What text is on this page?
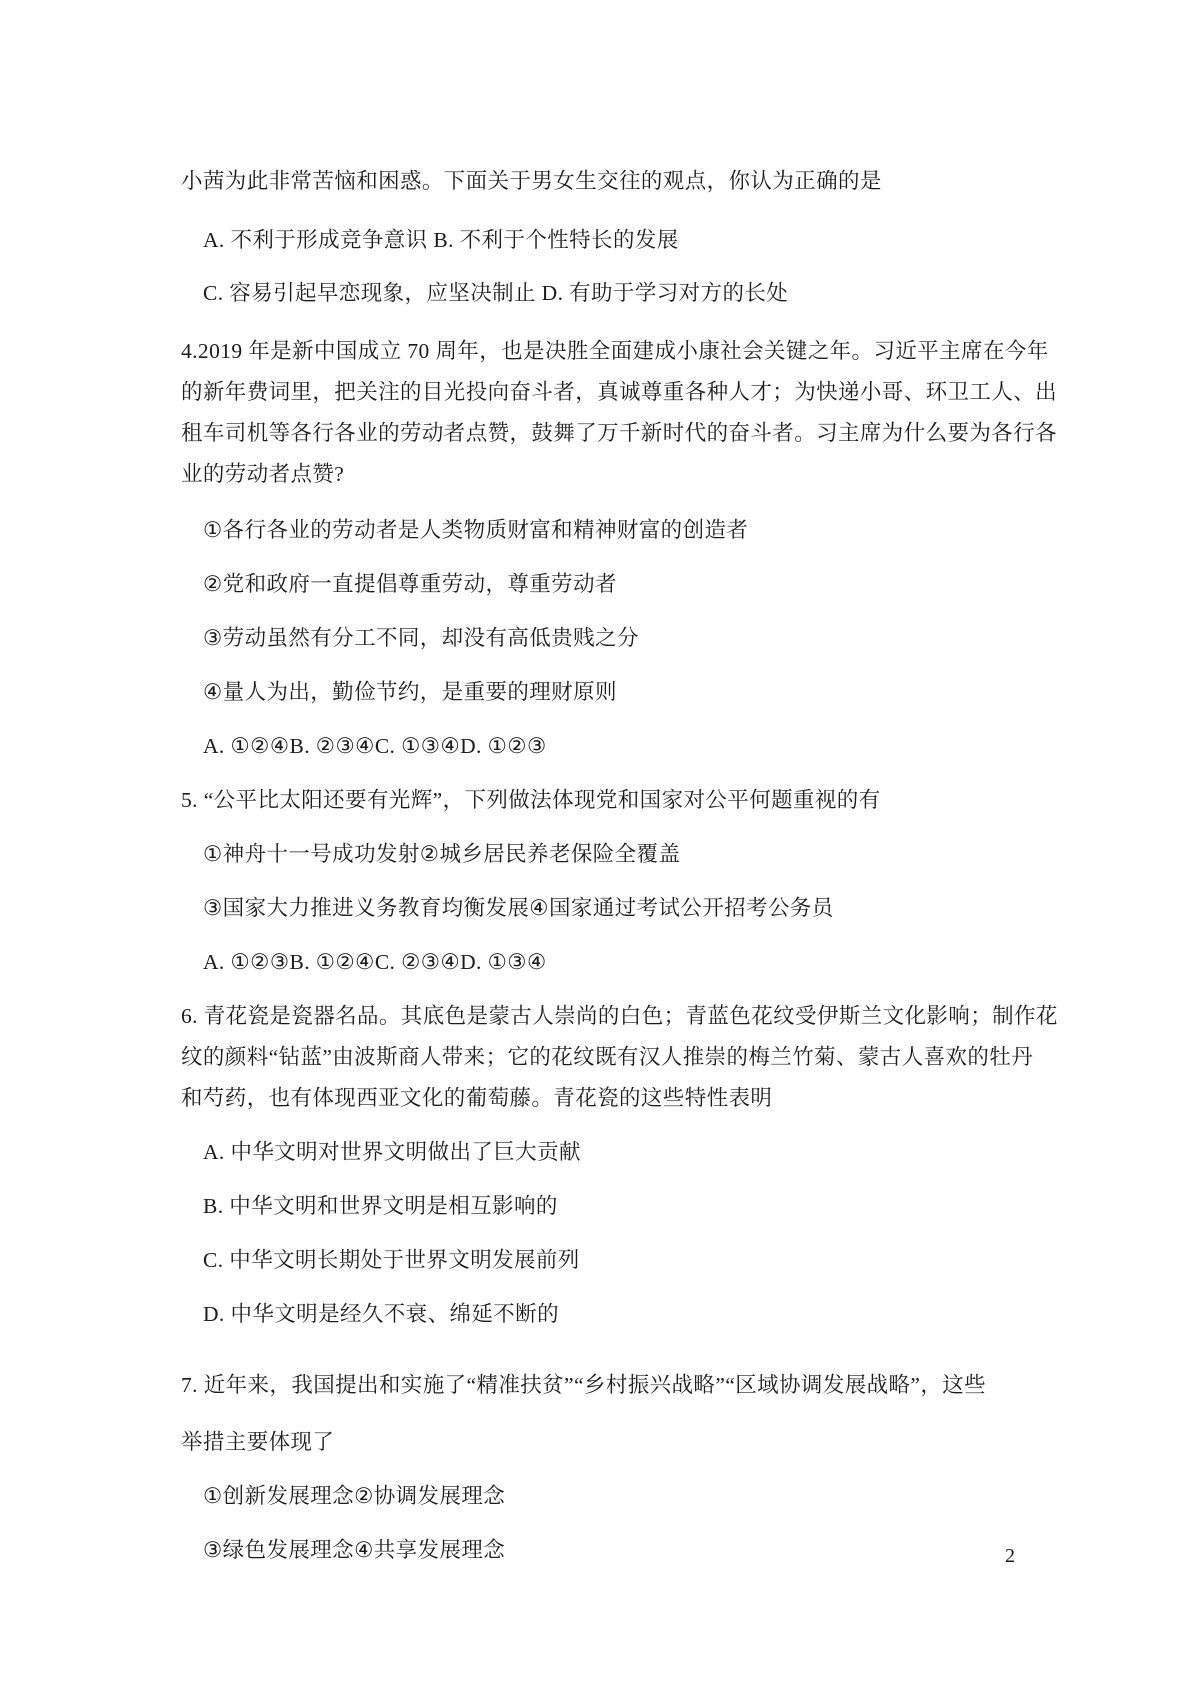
小茜为此非常苦恼和困惑。下面关于男女生交往的观点，你认为正确的是

A. 不利于形成竞争意识 B. 不利于个性特长的发展

C. 容易引起早恋现象，应坚决制止 D. 有助于学习对方的长处

4.2019 年是新中国成立 70 周年，也是决胜全面建成小康社会关键之年。习近平主席在今年

的新年费词里，把关注的目光投向奋斗者，真诚尊重各种人才；为快递小哥、环卫工人、出

租车司机等各行各业的劳动者点赞，鼓舞了万千新时代的奋斗者。习主席为什么要为各行各

业的劳动者点赞?

①各行各业的劳动者是人类物质财富和精神财富的创造者

②党和政府一直提倡尊重劳动，尊重劳动者

③劳动虽然有分工不同，却没有高低贵贱之分

④量人为出，勤俭节约，是重要的理财原则

A. ①②④B. ②③④C. ①③④D. ①②③

5. “公平比太阳还要有光辉”，下列做法体现党和国家对公平何题重视的有

①神舟十一号成功发射②城乡居民养老保险全覆盖

③国家大力推进义务教育均衡发展④国家通过考试公开招考公务员

A. ①②③B. ①②④C. ②③④D. ①③④

6. 青花瓷是瓷器名品。其底色是蒙古人崇尚的白色；青蓝色花纹受伊斯兰文化影响；制作花

纹的颜料“钻蓝”由波斯商人带来；它的花纹既有汉人推崇的梅兰竹菊、蒙古人喜欢的牡丹

和芍药，也有体现西亚文化的葡萄藤。青花瓷的这些特性表明

A. 中华文明对世界文明做出了巨大贡献

B. 中华文明和世界文明是相互影响的

C. 中华文明长期处于世界文明发展前列

D. 中华文明是经久不衰、绵延不断的

7. 近年来，我国提出和实施了“精准扶贫”“乡村振兴战略”“区域协调发展战略”，这些

举措主要体现了

①创新发展理念②协调发展理念

③绿色发展理念④共享发展理念	2
